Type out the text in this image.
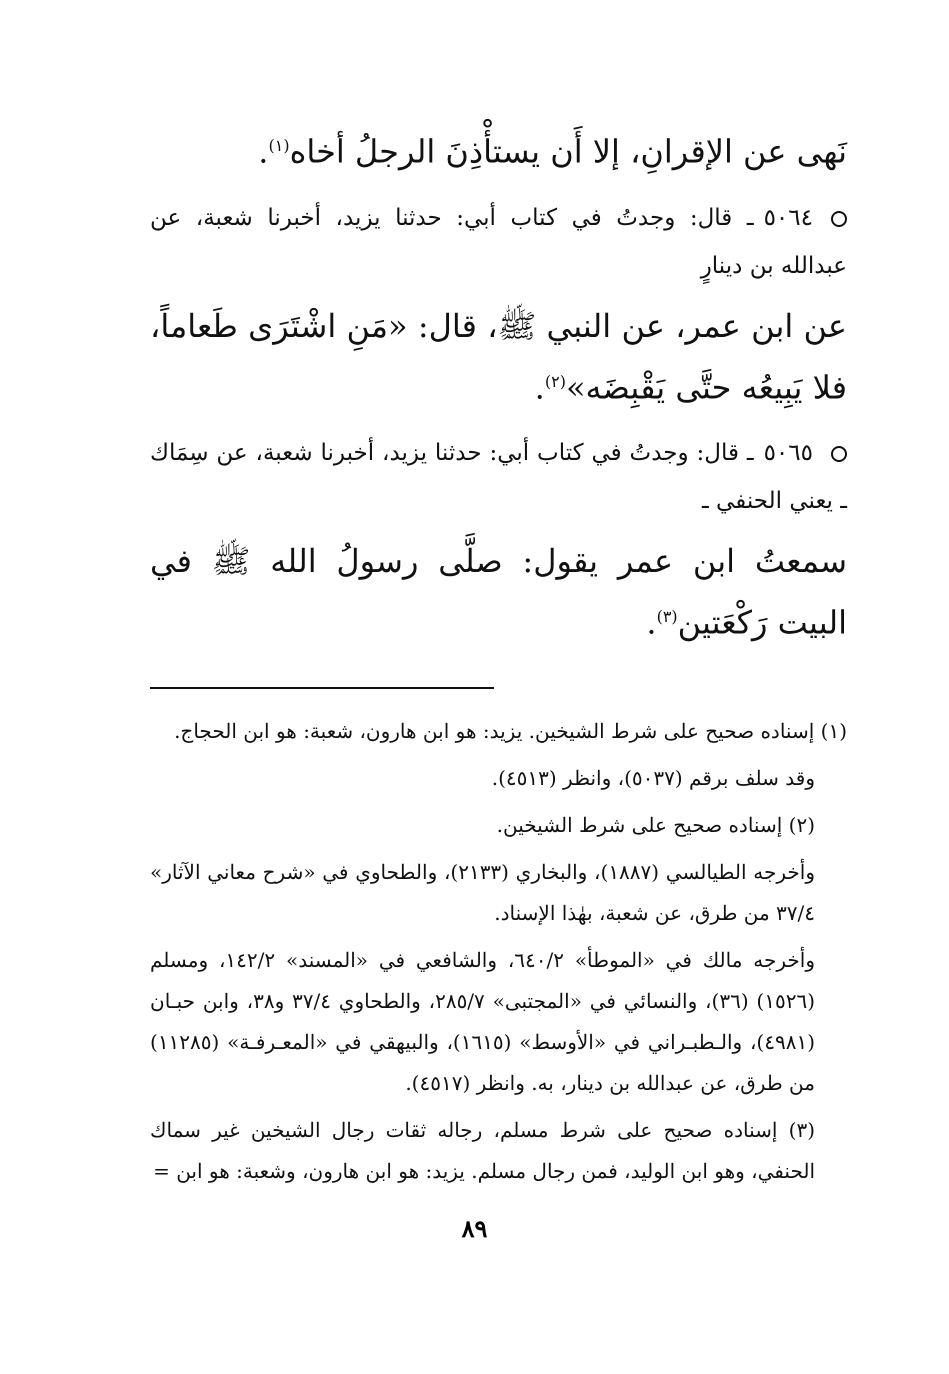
نَهى عن الإقرانِ، إلا أَن يستأْذِنَ الرجلُ أخاه$^{(١)}$.

٥٠٦٤ـ قال: وجدتُ في كتاب أبي: حدثنا يزيد، أخبرنا شعبة، عن عبدالله بن دينارٍ

عن ابن عمر، عن النبي ﷺ، قال: «مَنِ اشْتَرَى طَعاماً، فلا يَبِيعُه حتَّى يَقْبِضَه»$^{(٢)}$.

٥٠٦٥ـ قال: وجدتُ في كتاب أبي: حدثنا يزيد، أخبرنا شعبة، عن سِمَاك ـ يعني الحنفي ـ

سمعتُ ابن عمر يقول: صلَّى رسولُ الله ﷺ في البيت رَكْعَتين$^{(٣)}$.

(١) إسناده صحيح على شرط الشيخين. يزيد: هو ابن هارون، شعبة: هو ابن الحجاج.

وقد سلف برقم (٥٠٣٧)، وانظر (٤٥١٣).

(٢) إسناده صحيح على شرط الشيخين.

وأخرجه الطيالسي (١٨٨٧)، والبخاري (٢١٣٣)، والطحاوي في «شرح معاني الآثار» ٣٧/٤ من طرق، عن شعبة، بهٰذا الإسناد.

وأخرجه مالك في «الموطأ» ٦٤٠/٢، والشافعي في «المسند» ١٤٢/٢، ومسلم (١٥٢٦) (٣٦)، والنسائي في «المجتبى» ٢٨٥/٧، والطحاوي ٣٧/٤ و٣٨، وابن حبـان (٤٩٨١)، والـطبـراني في «الأوسط» (١٦١٥)، والبيهقي في «المعـرفـة» (١١٢٨٥) من طرق، عن عبدالله بن دينار، به. وانظر (٤٥١٧).

(٣) إسناده صحيح على شرط مسلم، رجاله ثقات رجال الشيخين غير سماك الحنفي، وهو ابن الوليد، فمن رجال مسلم. يزيد: هو ابن هارون، وشعبة: هو ابن =

٨٩
